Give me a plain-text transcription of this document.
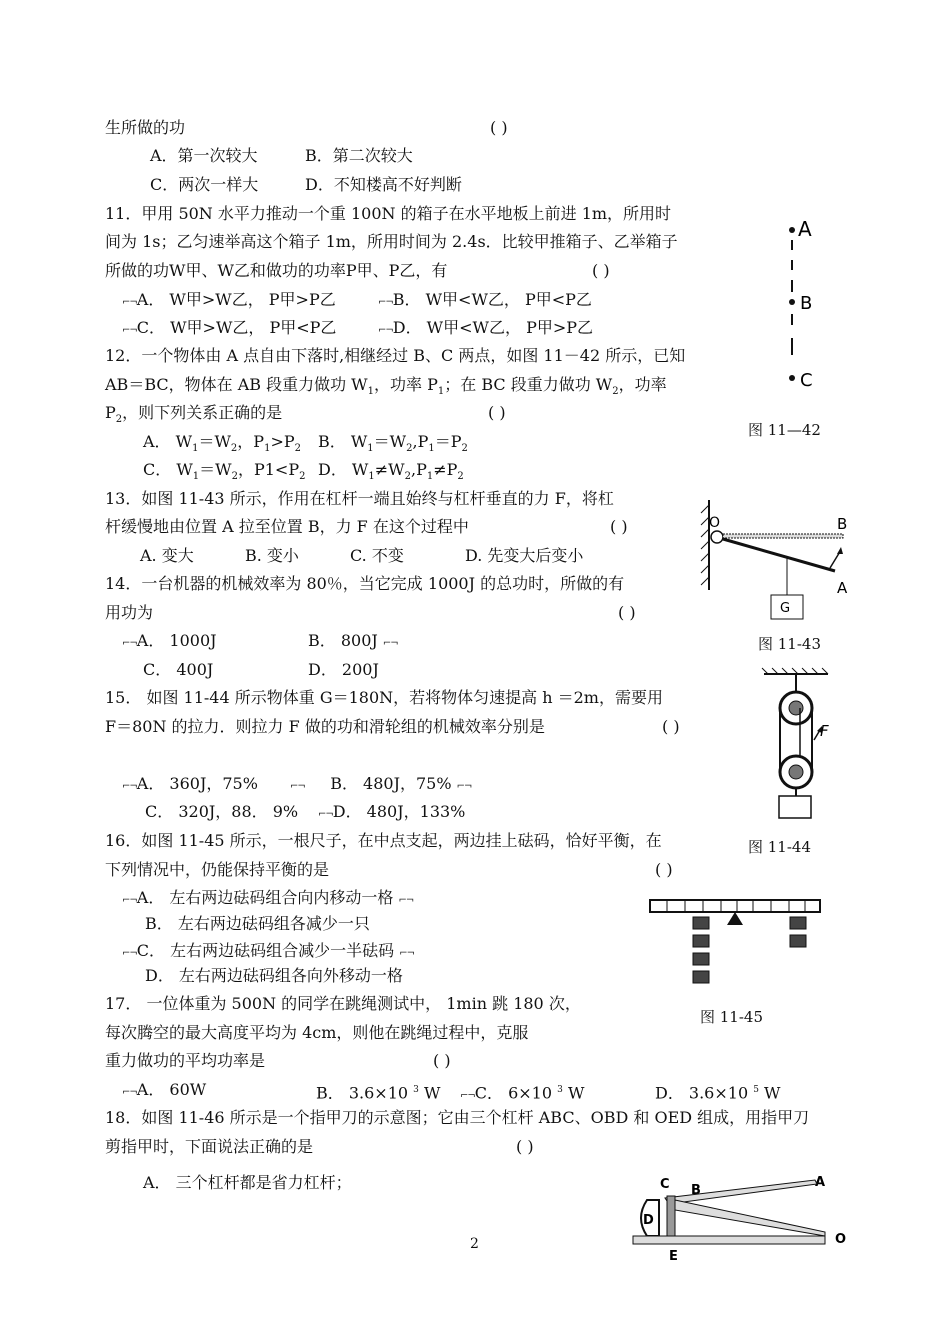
生所做的功	( )
A．第一次较大	B．第二次较大
C．两次一样大	D．不知楼高不好判断
11．甲用 50N 水平力推动一个重 100N 的箱子在水平地板上前进 1m，所用时
间为 1s；乙匀速举高这个箱子 1m，所用时间为 2.4s．比较甲推箱子、乙举箱子
所做的功W甲、W乙和做功的功率P甲、P乙，有	( )
⌐¬A． W甲>W乙， P甲>P乙	⌐¬B． W甲<W乙， P甲<P乙
⌐¬C． W甲>W乙， P甲<P乙	⌐¬D． W甲<W乙， P甲>P乙
A
B
C
图 11—42
12．一个物体由 A 点自由下落时,相继经过 B、C 两点，如图 11－42 所示，已知
AB＝BC，物体在 AB 段重力做功 $W_1$，功率 $P_1$；在 BC 段重力做功 $W_2$，功率
$P_2$，则下列关系正确的是	( )
A． $W_1=W_2$，$P_1>P_2$ B． $W_1=W_2,P_1=P_2$
C． $W_1=W_2$，$P1<P_2$ D． $W_1\ne W_2,P_1\ne P_2$
13．如图 11-43 所示，作用在杠杆一端且始终与杠杆垂直的力 F，将杠
杆缓慢地由位置 A 拉至位置 B，力 F 在这个过程中	( )
A. 变大	B. 变小	C. 不变	D. 先变大后变小
O	B
A
G
图 11-43
14．一台机器的机械效率为 80％，当它完成 1000J 的总功时，所做的有
用功为	( )
⌐¬A． 1000J	B． 800J ⌐¬
C． 400J	D． 200J
15． 如图 11-44 所示物体重 G＝180N，若将物体匀速提高 h ＝2m，需要用
F＝80N 的拉力．则拉力 F 做的功和滑轮组的机械效率分别是	( )
⌐¬A． 360J，75%	⌐¬ B． 480J，75% ⌐¬
C． 320J，88． 9% ⌐¬D． 480J，133%
F
图 11-44
16．如图 11-45 所示，一根尺子，在中点支起，两边挂上砝码，恰好平衡，在
下列情况中，仍能保持平衡的是	( )
⌐¬A． 左右两边砝码组合向内移动一格 ⌐¬
B． 左右两边砝码组各减少一只
⌐¬C． 左右两边砝码组合减少一半砝码 ⌐¬
D． 左右两边砝码组各向外移动一格
图 11-45
17． 一位体重为 500N 的同学在跳绳测试中， 1min 跳 180 次，
每次腾空的最大高度平均为 4cm，则他在跳绳过程中，克服
重力做功的平均功率是	( )
⌐¬A． 60W	B． 3.6×10 $^3$ W ⌐¬C． 6×10 $^3$ W	D． 3.6×10 $^5$ W
18．如图 11-46 所示是一个指甲刀的示意图；它由三个杠杆 ABC、OBD 和 OED 组成，用指甲刀
剪指甲时，下面说法正确的是	( )
A． 三个杠杆都是省力杠杆；	C B
A
D
O
E
2
